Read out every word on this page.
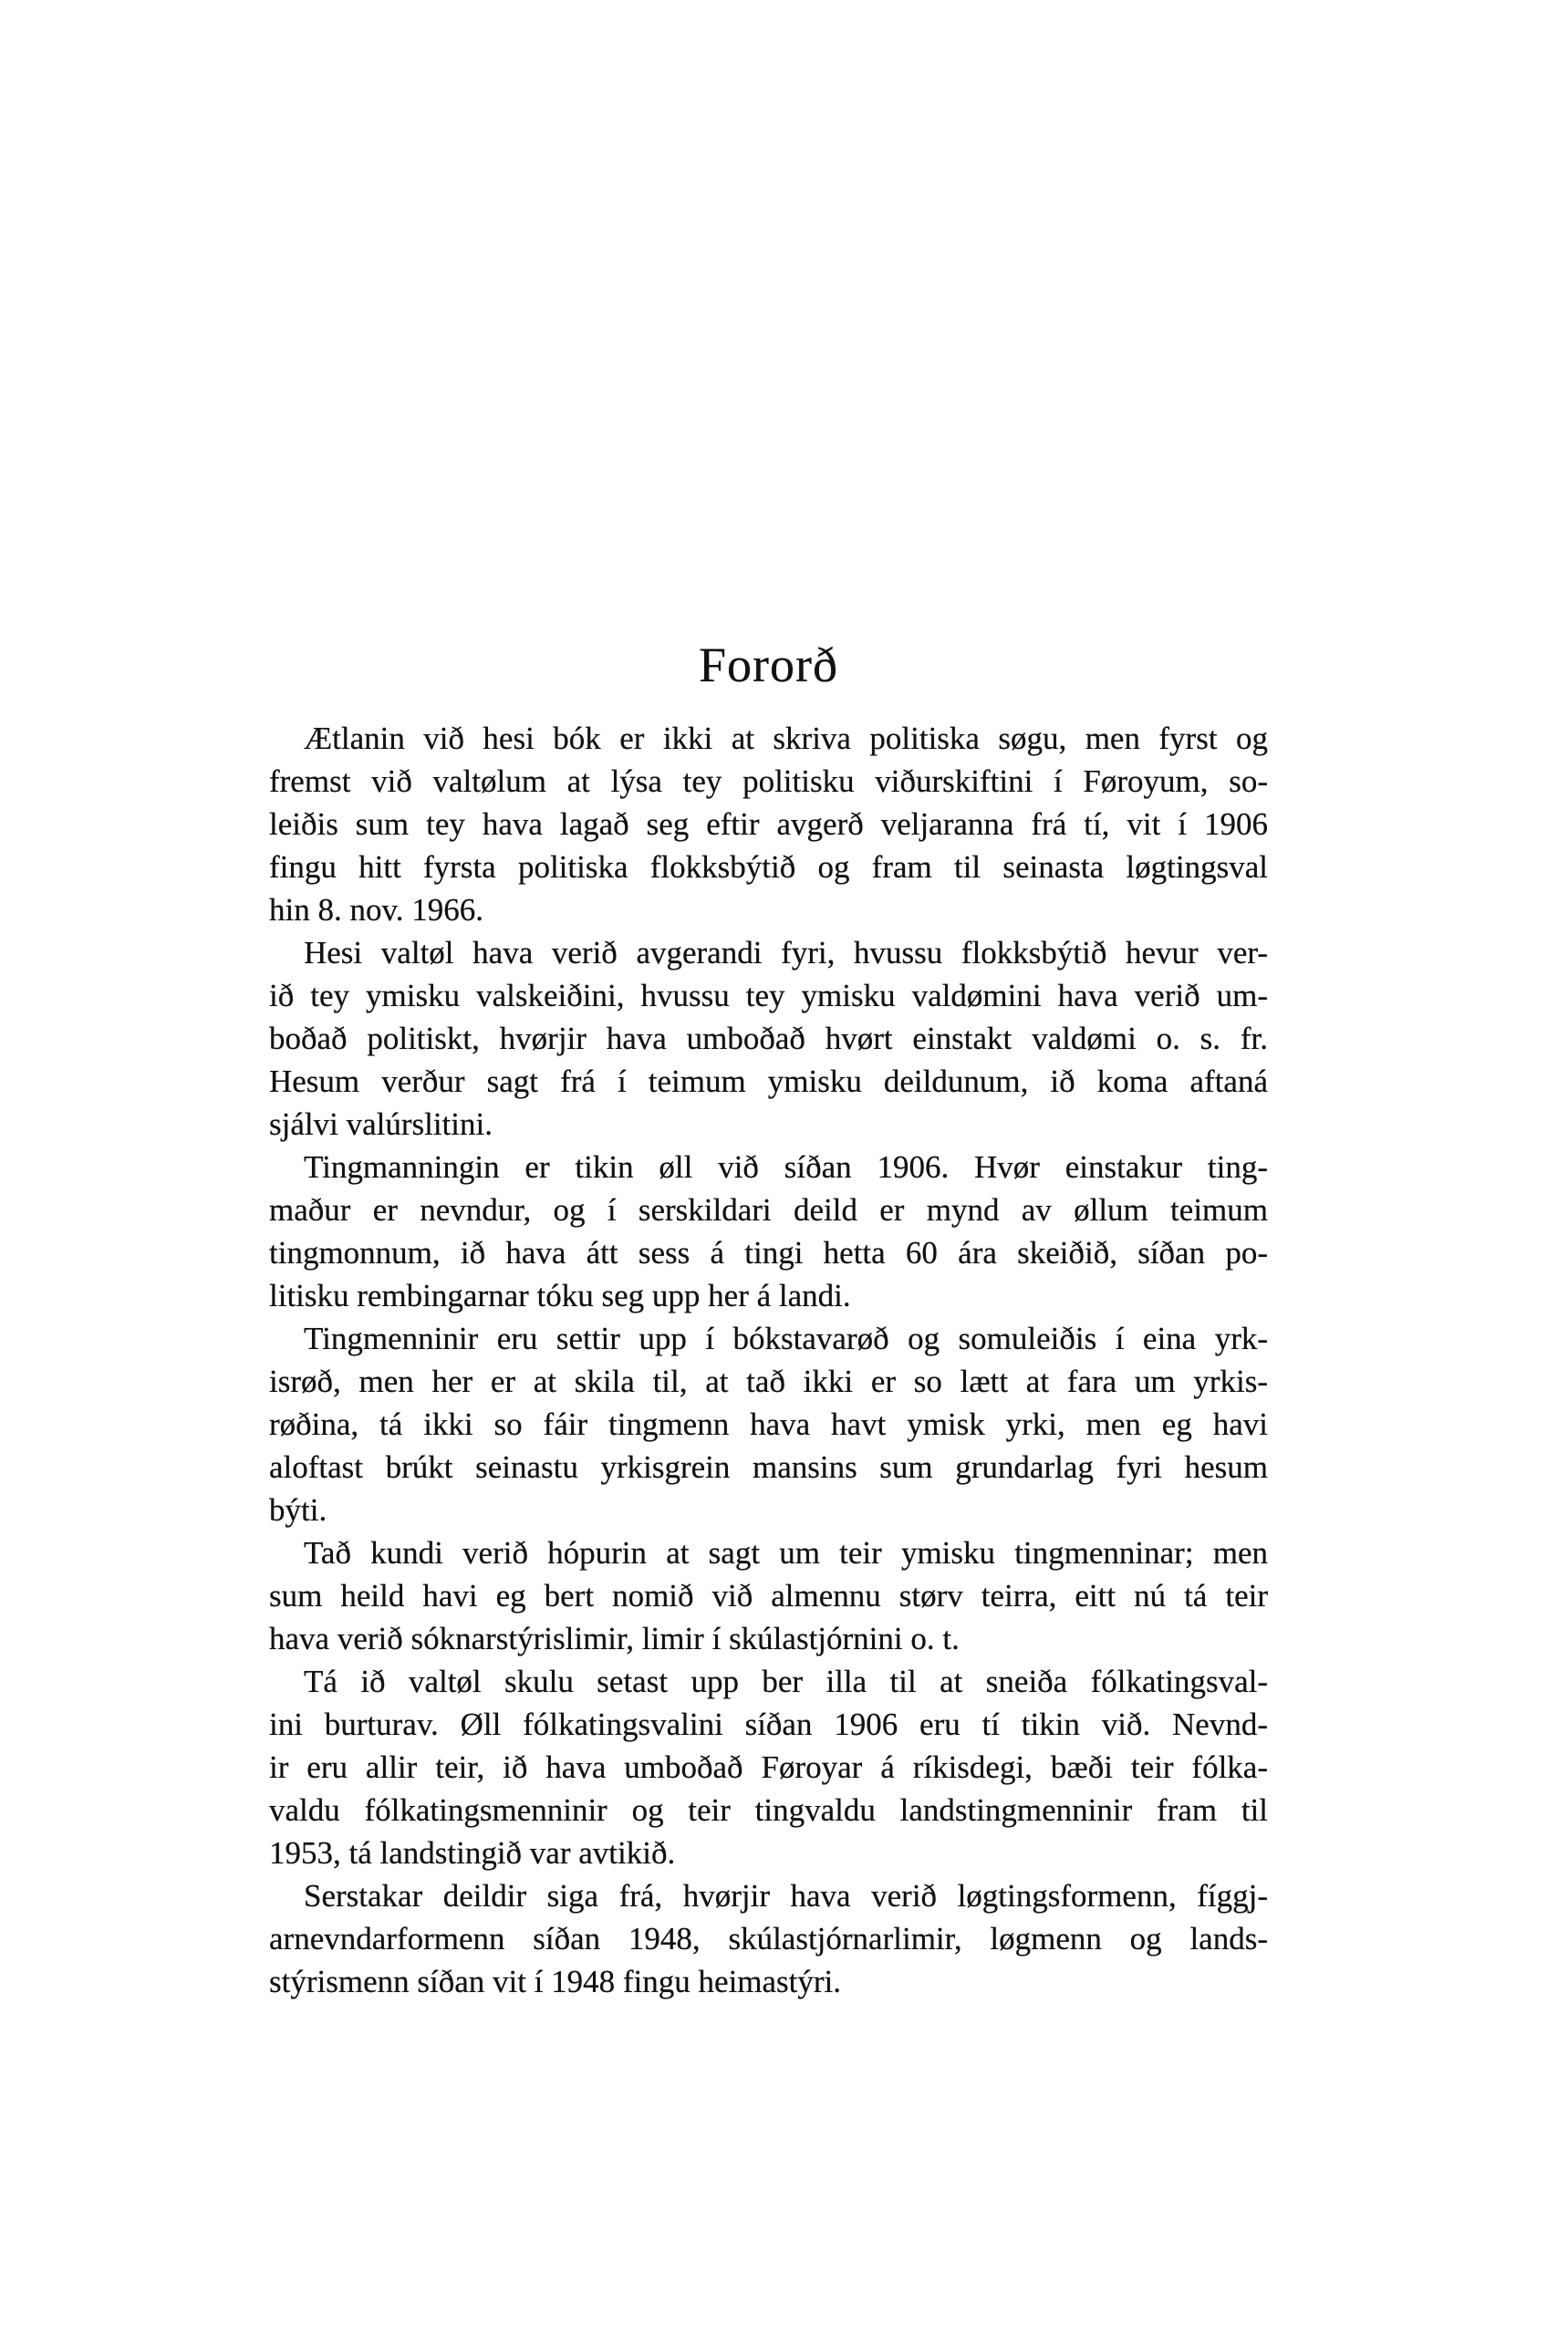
Fororð
Ætlanin við hesi bók er ikki at skriva politiska søgu, men fyrst og
fremst við valtølum at lýsa tey politisku viðurskiftini í Føroyum, so-
leiðis sum tey hava lagað seg eftir avgerð veljaranna frá tí, vit í 1906
fingu hitt fyrsta politiska flokksbýtið og fram til seinasta løgtingsval
hin 8. nov. 1966.
Hesi valtøl hava verið avgerandi fyri, hvussu flokksbýtið hevur ver-
ið tey ymisku valskeiðini, hvussu tey ymisku valdømini hava verið um-
boðað politiskt, hvørjir hava umboðað hvørt einstakt valdømi o. s. fr.
Hesum verður sagt frá í teimum ymisku deildunum, ið koma aftaná
sjálvi valúrslitini.
Tingmanningin er tikin øll við síðan 1906. Hvør einstakur ting-
maður er nevndur, og í serskildari deild er mynd av øllum teimum
tingmonnum, ið hava átt sess á tingi hetta 60 ára skeiðið, síðan po-
litisku rembingarnar tóku seg upp her á landi.
Tingmenninir eru settir upp í bókstavarøð og somuleiðis í eina yrk-
isrøð, men her er at skila til, at tað ikki er so lætt at fara um yrkis-
røðina, tá ikki so fáir tingmenn hava havt ymisk yrki, men eg havi
aloftast brúkt seinastu yrkisgrein mansins sum grundarlag fyri hesum
býti.
Tað kundi verið hópurin at sagt um teir ymisku tingmenninar; men
sum heild havi eg bert nomið við almennu størv teirra, eitt nú tá teir
hava verið sóknarstýrislimir, limir í skúlastjórnini o. t.
Tá ið valtøl skulu setast upp ber illa til at sneiða fólkatingsval-
ini burturav. Øll fólkatingsvalini síðan 1906 eru tí tikin við. Nevnd-
ir eru allir teir, ið hava umboðað Føroyar á ríkisdegi, bæði teir fólka-
valdu fólkatingsmenninir og teir tingvaldu landstingmenninir fram til
1953, tá landstingið var avtikið.
Serstakar deildir siga frá, hvørjir hava verið løgtingsformenn, fíggj-
arnevndarformenn síðan 1948, skúlastjórnarlimir, løgmenn og lands-
stýrismenn síðan vit í 1948 fingu heimastýri.
